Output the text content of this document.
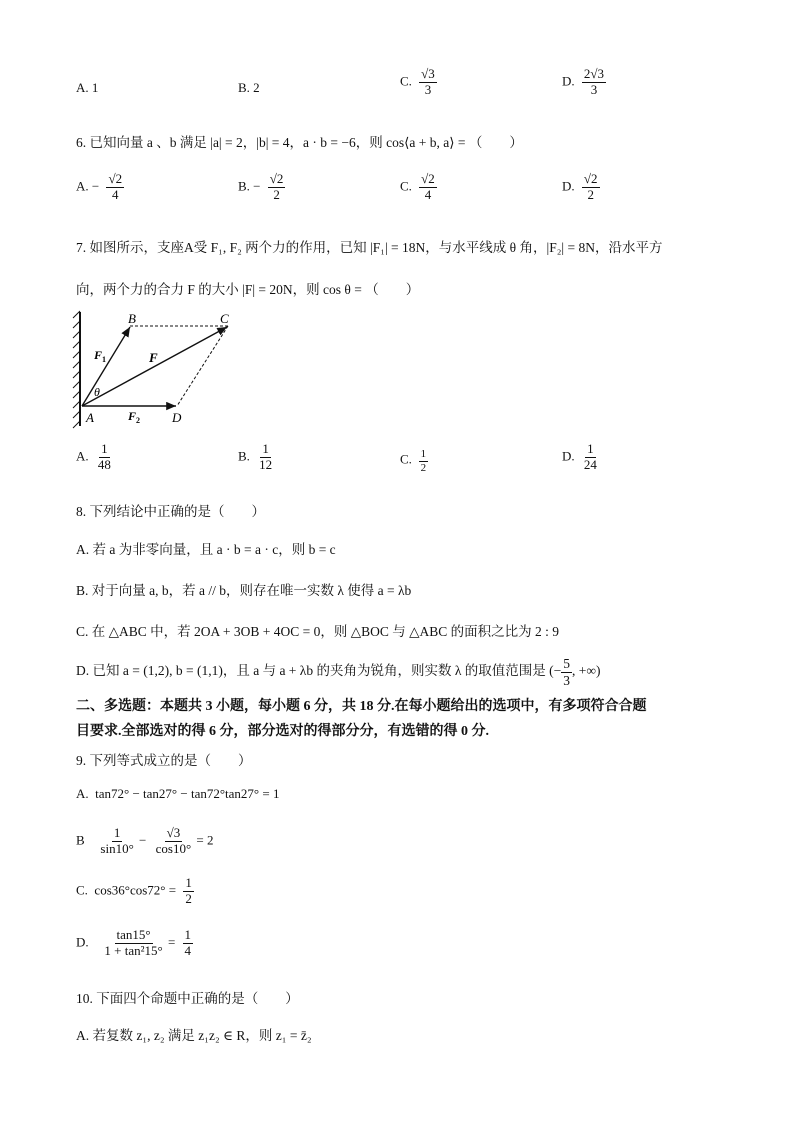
A. 1	B. 2	C. $\frac{√3}{3}$	D. $\frac{2√3}{3}$
6. 已知向量 a 、b 满足 |a| = 2，|b| = 4，a · b = −6，则 cos⟨a + b, a⟩ = （　　）
A. − $\frac{√2}{4}$	B. − $\frac{√2}{2}$	C. $\frac{√2}{4}$	D. $\frac{√2}{2}$
7. 如图所示，支座A受 F₁, F₂ 两个力的作用，已知 |F₁| = 18N，与水平线成 θ 角，|F₂| = 8N，沿水平方
向，两个力的合力 F 的大小 |F| = 20N，则 cos θ = （　　）
B	C
A	D
F
F 1
F 2
θ
A. $\frac{1}{48}$	B. $\frac{1}{12}$	C. $\frac{1}{2}$	D. $\frac{1}{24}$
8. 下列结论中正确的是（　　）
A. 若 a 为非零向量，且 a · b = a · c，则 b = c
B. 对于向量 a, b，若 a // b，则存在唯一实数 λ 使得 a = λb
C. 在 △ABC 中，若 2OA + 3OB + 4OC = 0，则 △BOC 与 △ABC 的面积之比为 2 : 9
D. 已知 a = (1,2), b = (1,1)，且 a 与 a + λb 的夹角为锐角，则实数 λ 的取值范围是 (− $\frac{5}{3}$ , +∞)
二、多选题：本题共 3 小题，每小题 6 分，共 18 分.在每小题给出的选项中，有多项符合合题
目要求.全部选对的得 6 分，部分选对的得部分分，有选错的得 0 分.
9. 下列等式成立的是（　　）
A. tan72° − tan27° − tan72°tan27° = 1
B $\frac{1}{\sin 10^\circ} - \frac{√3}{\cos 10^\circ} = 2$
C. $\cos 36^\circ\cos 72^\circ = \frac{1}{2}$
D. $\frac{\tan 15^\circ}{\text{1 + tan²15°}} = \frac{1}{4}$
10. 下面四个命题中正确的是（　　）
A. 若复数 z₁, z₂ 满足 z₁z₂ ∈ R，则 z₁ = z̄₂
